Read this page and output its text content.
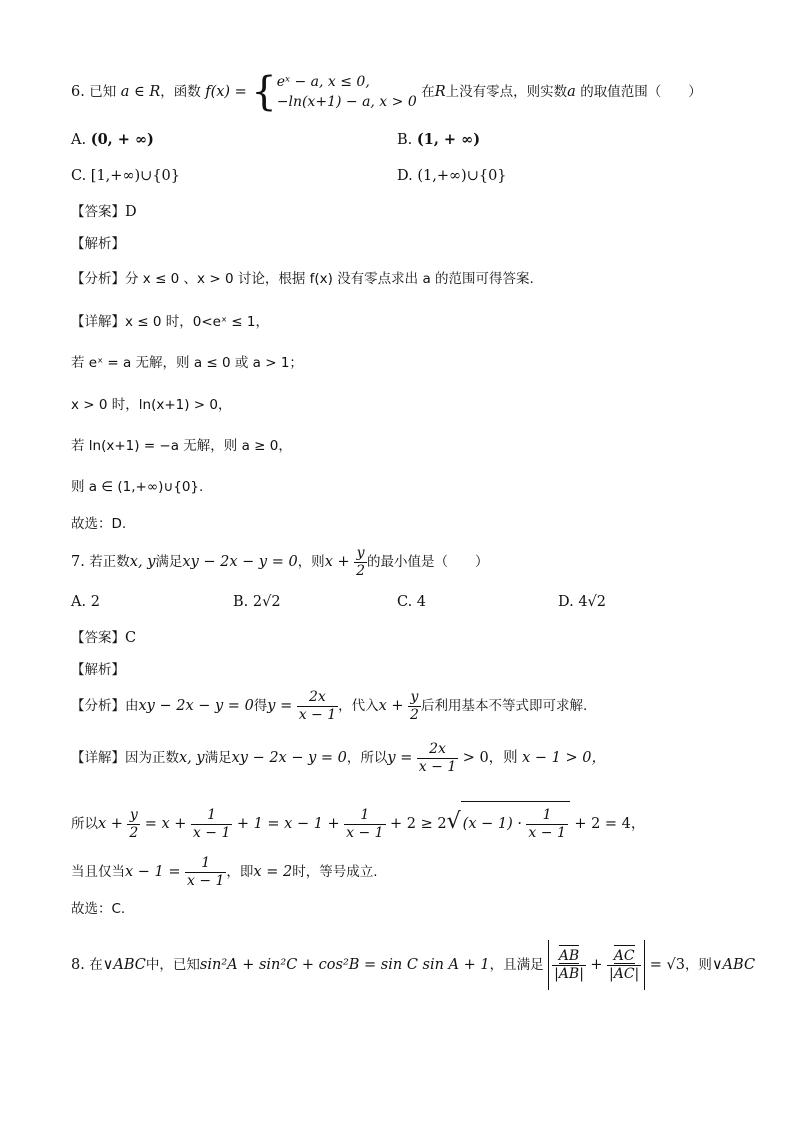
6. 已知 a ∈ R，函数 f(x) = { eˣ − a, x ≤ 0,
−ln(x+1) − a, x > 0
在R上没有零点，则实数a 的取值范围（　　）
A. (0, + ∞)	B. (1, + ∞)
C. [1,+∞)∪{0}	D. (1,+∞)∪{0}
【答案】D
【解析】
【分析】分 x ≤ 0 、x > 0 讨论，根据 f(x) 没有零点求出 a 的范围可得答案.
【详解】x ≤ 0 时，0<eˣ ≤ 1，
若 eˣ = a 无解，则 a ≤ 0 或 a > 1；
x > 0 时，ln(x+1) > 0，
若 ln(x+1) = −a 无解，则 a ≥ 0，
则 a ∈ (1,+∞)∪{0}.
故选：D.
7. 若正数x, y满足xy − 2x − y = 0，则$x + \frac{y}{2}$ 的最小值是（　　）
A. 2	B. 2√2	C. 4	D. 4√2
【答案】C
【解析】
【分析】由xy − 2x − y = 0得$y = \frac{2x}{x - 1}$ ，代入$x + \frac{y}{2}$ 后利用基本不等式即可求解.
【详解】因为正数x, y满足xy − 2x − y = 0，所以$y = \frac{2x}{x - 1} > 0$，则 x − 1 > 0，
所以$x + \frac{y}{2} = x + \frac{1}{x - 1} + 1 = x - 1 + \frac{1}{x - 1} + 2 \ge 2√$ $(x - 1) \cdot \frac{1}{x - 1} + 2 = 4$，
当且仅当$x - 1 = \frac{1}{x - 1}$ ，即x = 2时，等号成立.
故选：C.
8. 在∨ABC中，已知sin²A + sin²C + cos²B = sin C sin A + 1，且满足 $\frac{AB}{|AB|} + \frac{AC}{|AC|} = √3$，则∨ABC
